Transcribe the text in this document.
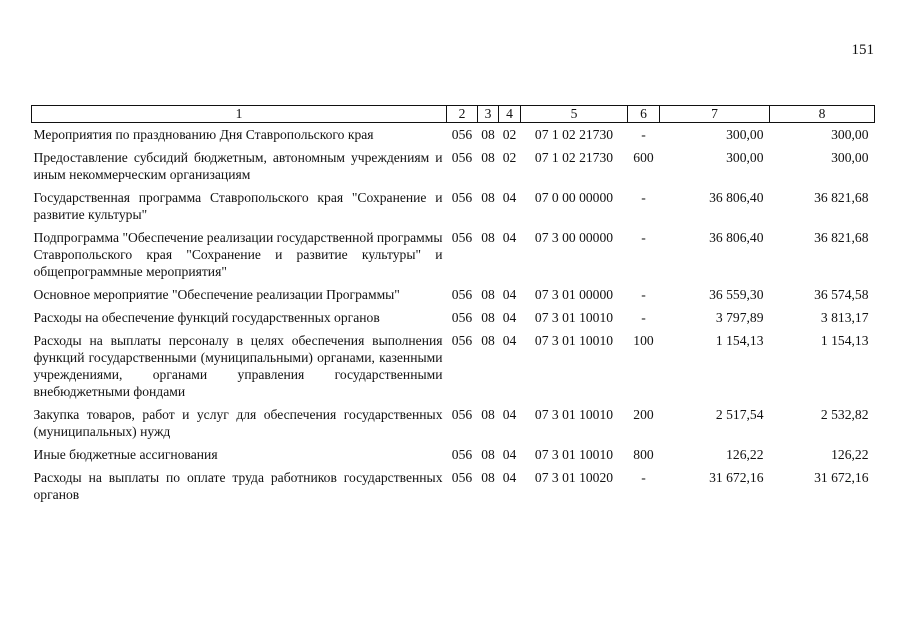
151
1	2	3	4	5	6	7	8
Мероприятия по празднованию Дня Ставропольского края	056	08	02	07 1 02 21730	-	300,00	300,00
Предоставление субсидий бюджетным, автономным учреждениям и иным некоммерческим организациям	056	08	02	07 1 02 21730	600	300,00	300,00
Государственная программа Ставропольского края "Сохранение и развитие культуры"	056	08	04	07 0 00 00000	-	36 806,40	36 821,68
Подпрограмма "Обеспечение реализации государственной программы Ставропольского края "Сохранение и развитие культуры" и общепрограммные мероприятия"	056	08	04	07 3 00 00000	-	36 806,40	36 821,68
Основное мероприятие "Обеспечение реализации Программы"	056	08	04	07 3 01 00000	-	36 559,30	36 574,58
Расходы на обеспечение функций государственных органов	056	08	04	07 3 01 10010	-	3 797,89	3 813,17
Расходы на выплаты персоналу в целях обеспечения выполнения функций государственными (муниципальными) органами, казенными учреждениями, органами управления государственными внебюджетными фондами	056	08	04	07 3 01 10010	100	1 154,13	1 154,13
Закупка товаров, работ и услуг для обеспечения государственных (муниципальных) нужд	056	08	04	07 3 01 10010	200	2 517,54	2 532,82
Иные бюджетные ассигнования	056	08	04	07 3 01 10010	800	126,22	126,22
Расходы на выплаты по оплате труда работников государственных органов	056	08	04	07 3 01 10020	-	31 672,16	31 672,16
